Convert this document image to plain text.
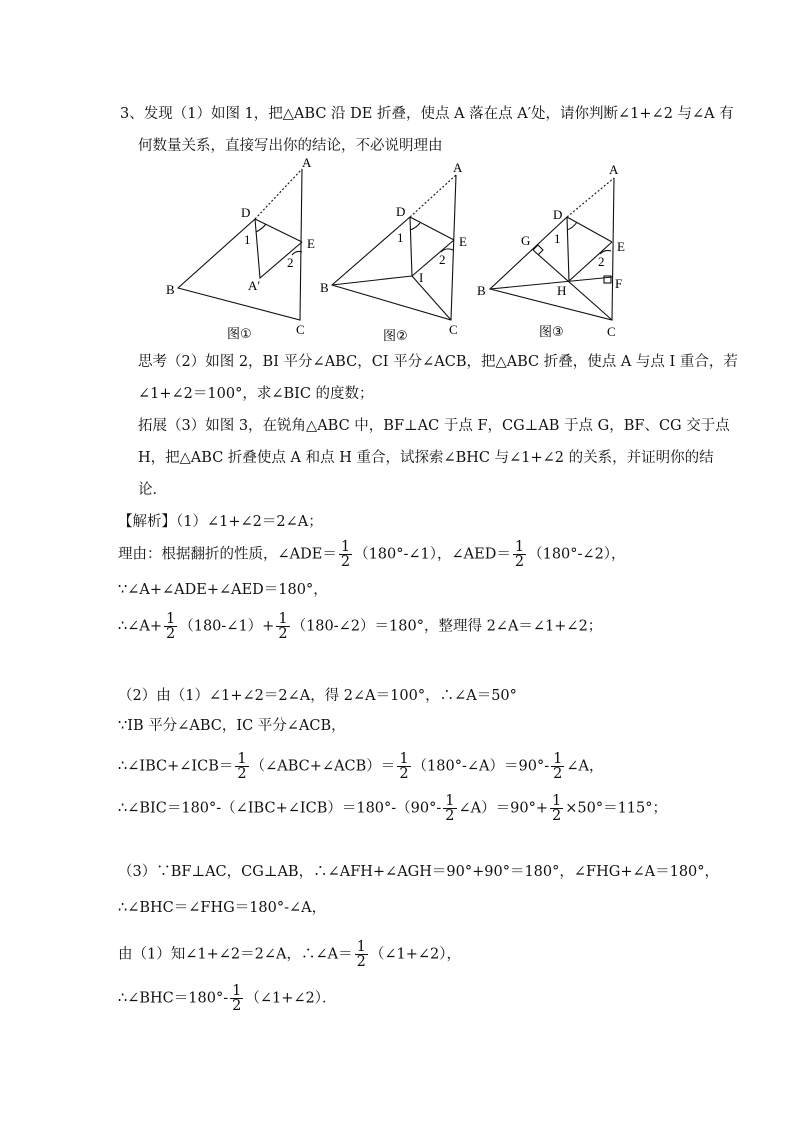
3、发现（1）如图 1，把△ABC 沿 DE 折叠，使点 A 落在点 A′处，请你判断∠1+∠2 与∠A 有
何数量关系，直接写出你的结论，不必说明理由
A
D
E
B
C
A′
1
2
图①
A
D
E
B
C
I
1
2
图②
A
D
E
B
C
G
H	F
1
2
图③
思考（2）如图 2，BI 平分∠ABC，CI 平分∠ACB，把△ABC 折叠，使点 A 与点 I 重合，若
∠1+∠2＝100°，求∠BIC 的度数；
拓展（3）如图 3，在锐角△ABC 中，BF⊥AC 于点 F，CG⊥AB 于点 G，BF、CG 交于点
H，把△ABC 折叠使点 A 和点 H 重合，试探索∠BHC 与∠1+∠2 的关系，并证明你的结
论．
【解析】（1）∠1+∠2＝2∠A；
理由：根据翻折的性质，∠ADE＝ $\frac{1}{2}$ （180°-∠1），∠AED＝ $\frac{1}{2}$ （180°-∠2），
∵∠A+∠ADE+∠AED＝180°，
∴∠A+ $\frac{1}{2}$ （180-∠1）+ $\frac{1}{2}$ （180-∠2）＝180°，整理得 2∠A＝∠1+∠2；
（2）由（1）∠1+∠2＝2∠A，得 2∠A＝100°，∴∠A＝50°
∵IB 平分∠ABC，IC 平分∠ACB，
∴∠IBC+∠ICB＝ $\frac{1}{2}$ （∠ABC+∠ACB）＝ $\frac{1}{2}$ （180°-∠A）＝90°- $\frac{1}{2}$ ∠A，
∴∠BIC＝180°-（∠IBC+∠ICB）＝180°-（90°- $\frac{1}{2}$ ∠A）＝90°+ $\frac{1}{2} \times 50^\circ=115^\circ$；
（3）∵BF⊥AC，CG⊥AB，∴∠AFH+∠AGH＝90°+90°＝180°，∠FHG+∠A＝180°，
∴∠BHC＝∠FHG＝180°-∠A，
由（1）知∠1+∠2＝2∠A，∴∠A＝ $\frac{1}{2}$ （∠1+∠2），
∴∠BHC＝180°- $\frac{1}{2}$ （∠1+∠2）．
